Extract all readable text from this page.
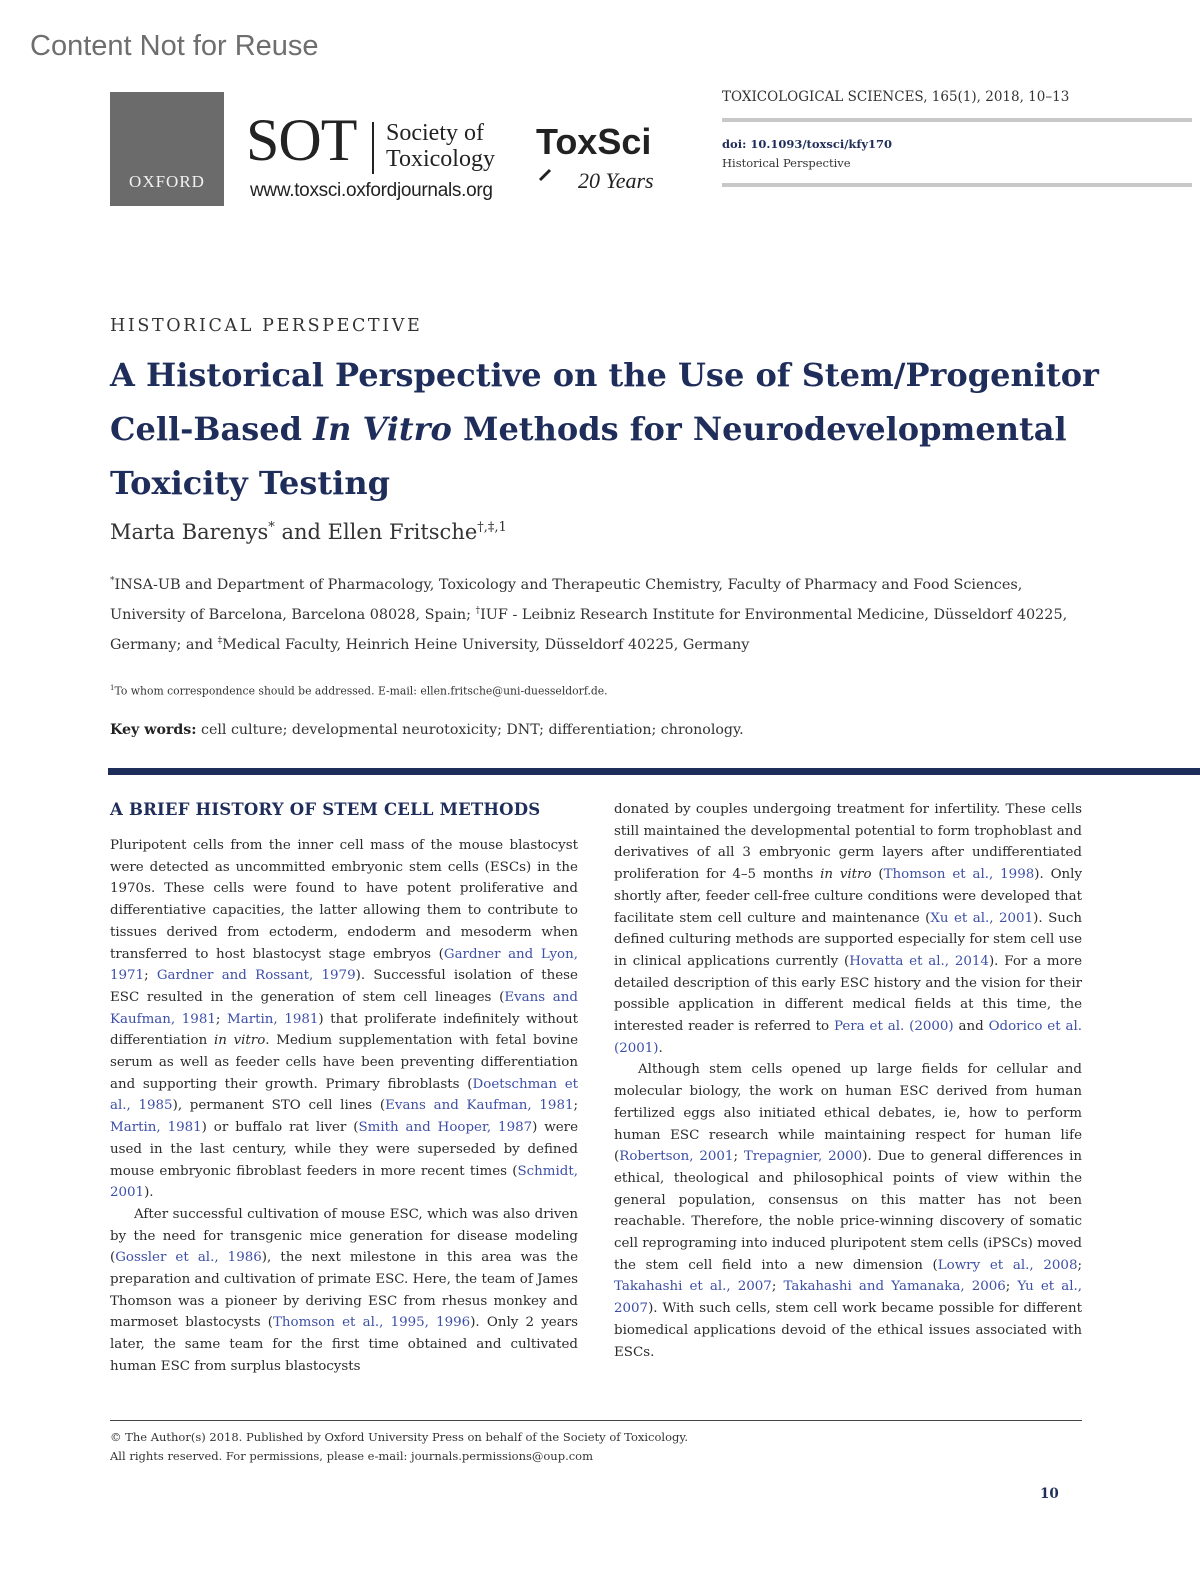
Content Not for Reuse
OXFORD
SOT Society of
Toxicology
www.toxsci.oxfordjournals.org
ToxSci
20 Years
TOXICOLOGICAL SCIENCES, 165(1), 2018, 10–13
doi: 10.1093/toxsci/kfy170
Historical Perspective
HISTORICAL PERSPECTIVE
A Historical Perspective on the Use of Stem/Progenitor Cell-Based In Vitro Methods for Neurodevelopmental Toxicity Testing
Marta Barenys* and Ellen Fritsche$^{\dagger,\ddagger,1}$
*INSA-UB and Department of Pharmacology, Toxicology and Therapeutic Chemistry, Faculty of Pharmacy and Food Sciences, University of Barcelona, Barcelona 08028, Spain; †IUF - Leibniz Research Institute for Environmental Medicine, Düsseldorf 40225, Germany; and ‡Medical Faculty, Heinrich Heine University, Düsseldorf 40225, Germany
$^1$To whom correspondence should be addressed. E-mail: ellen.fritsche@uni-duesseldorf.de.
Key words: cell culture; developmental neurotoxicity; DNT; differentiation; chronology.
A BRIEF HISTORY OF STEM CELL METHODS

Pluripotent cells from the inner cell mass of the mouse blastocyst were detected as uncommitted embryonic stem cells (ESCs) in the 1970s. These cells were found to have potent proliferative and differentiative capacities, the latter allowing them to contribute to tissues derived from ectoderm, endoderm and mesoderm when transferred to host blastocyst stage embryos (Gardner and Lyon, 1971; Gardner and Rossant, 1979). Successful isolation of these ESC resulted in the generation of stem cell lineages (Evans and Kaufman, 1981; Martin, 1981) that proliferate indefinitely without differentiation in vitro. Medium supplementation with fetal bovine serum as well as feeder cells have been preventing differentiation and supporting their growth. Primary fibroblasts (Doetschman et al., 1985), permanent STO cell lines (Evans and Kaufman, 1981; Martin, 1981) or buffalo rat liver (Smith and Hooper, 1987) were used in the last century, while they were superseded by defined mouse embryonic fibroblast feeders in more recent times (Schmidt, 2001).

After successful cultivation of mouse ESC, which was also driven by the need for transgenic mice generation for disease modeling (Gossler et al., 1986), the next milestone in this area was the preparation and cultivation of primate ESC. Here, the team of James Thomson was a pioneer by deriving ESC from rhesus monkey and marmoset blastocysts (Thomson et al., 1995, 1996). Only 2 years later, the same team for the first time obtained and cultivated human ESC from surplus blastocysts

donated by couples undergoing treatment for infertility. These cells still maintained the developmental potential to form trophoblast and derivatives of all 3 embryonic germ layers after undifferentiated proliferation for 4–5 months in vitro (Thomson et al., 1998). Only shortly after, feeder cell-free culture conditions were developed that facilitate stem cell culture and maintenance (Xu et al., 2001). Such defined culturing methods are supported especially for stem cell use in clinical applications currently (Hovatta et al., 2014). For a more detailed description of this early ESC history and the vision for their possible application in different medical fields at this time, the interested reader is referred to Pera et al. (2000) and Odorico et al. (2001).

Although stem cells opened up large fields for cellular and molecular biology, the work on human ESC derived from human fertilized eggs also initiated ethical debates, ie, how to perform human ESC research while maintaining respect for human life (Robertson, 2001; Trepagnier, 2000). Due to general differences in ethical, theological and philosophical points of view within the general population, consensus on this matter has not been reachable. Therefore, the noble price-winning discovery of somatic cell reprograming into induced pluripotent stem cells (iPSCs) moved the stem cell field into a new dimension (Lowry et al., 2008; Takahashi et al., 2007; Takahashi and Yamanaka, 2006; Yu et al., 2007). With such cells, stem cell work became possible for different biomedical applications devoid of the ethical issues associated with ESCs.

© The Author(s) 2018. Published by Oxford University Press on behalf of the Society of Toxicology.
All rights reserved. For permissions, please e-mail: journals.permissions@oup.com
10
